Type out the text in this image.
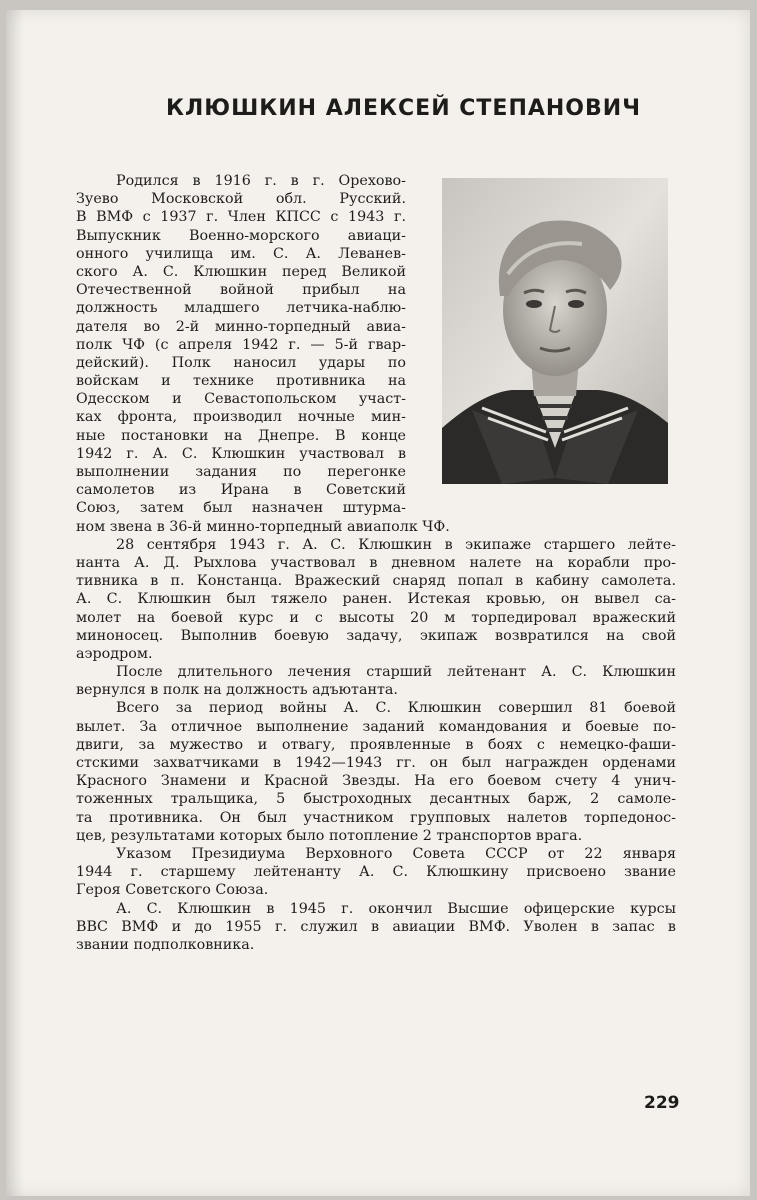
КЛЮШКИН АЛЕКСЕЙ СТЕПАНОВИЧ
Родился в 1916 г. в г. Орехово-
Зуево Московской обл. Русский.
В ВМФ с 1937 г. Член КПСС с 1943 г.
Выпускник Военно-морского авиаци-
онного училища им. С. А. Леванев-
ского А. С. Клюшкин перед Великой
Отечественной войной прибыл на
должность младшего летчика-наблю-
дателя во 2-й минно-торпедный авиа-
полк ЧФ (с апреля 1942 г. — 5-й гвар-
дейский). Полк наносил удары по
войскам и технике противника на
Одесском и Севастопольском участ-
ках фронта, производил ночные мин-
ные постановки на Днепре. В конце
1942 г. А. С. Клюшкин участвовал в
выполнении задания по перегонке
самолетов из Ирана в Советский
Союз, затем был назначен штурма-
ном звена в 36-й минно-торпедный авиаполк ЧФ.
28 сентября 1943 г. А. С. Клюшкин в экипаже старшего лейте-
нанта А. Д. Рыхлова участвовал в дневном налете на корабли про-
тивника в п. Констанца. Вражеский снаряд попал в кабину самолета.
А. С. Клюшкин был тяжело ранен. Истекая кровью, он вывел са-
молет на боевой курс и с высоты 20 м торпедировал вражеский
миноносец. Выполнив боевую задачу, экипаж возвратился на свой
аэродром.
После длительного лечения старший лейтенант А. С. Клюшкин
вернулся в полк на должность адъютанта.
Всего за период войны А. С. Клюшкин совершил 81 боевой
вылет. За отличное выполнение заданий командования и боевые по-
двиги, за мужество и отвагу, проявленные в боях с немецко-фаши-
стскими захватчиками в 1942—1943 гг. он был награжден орденами
Красного Знамени и Красной Звезды. На его боевом счету 4 унич-
тоженных тральщика, 5 быстроходных десантных барж, 2 самоле-
та противника. Он был участником групповых налетов торпедонос-
цев, результатами которых было потопление 2 транспортов врага.
Указом Президиума Верховного Совета СССР от 22 января
1944 г. старшему лейтенанту А. С. Клюшкину присвоено звание
Героя Советского Союза.
А. С. Клюшкин в 1945 г. окончил Высшие офицерские курсы
ВВС ВМФ и до 1955 г. служил в авиации ВМФ. Уволен в запас в
звании подполковника.
229
